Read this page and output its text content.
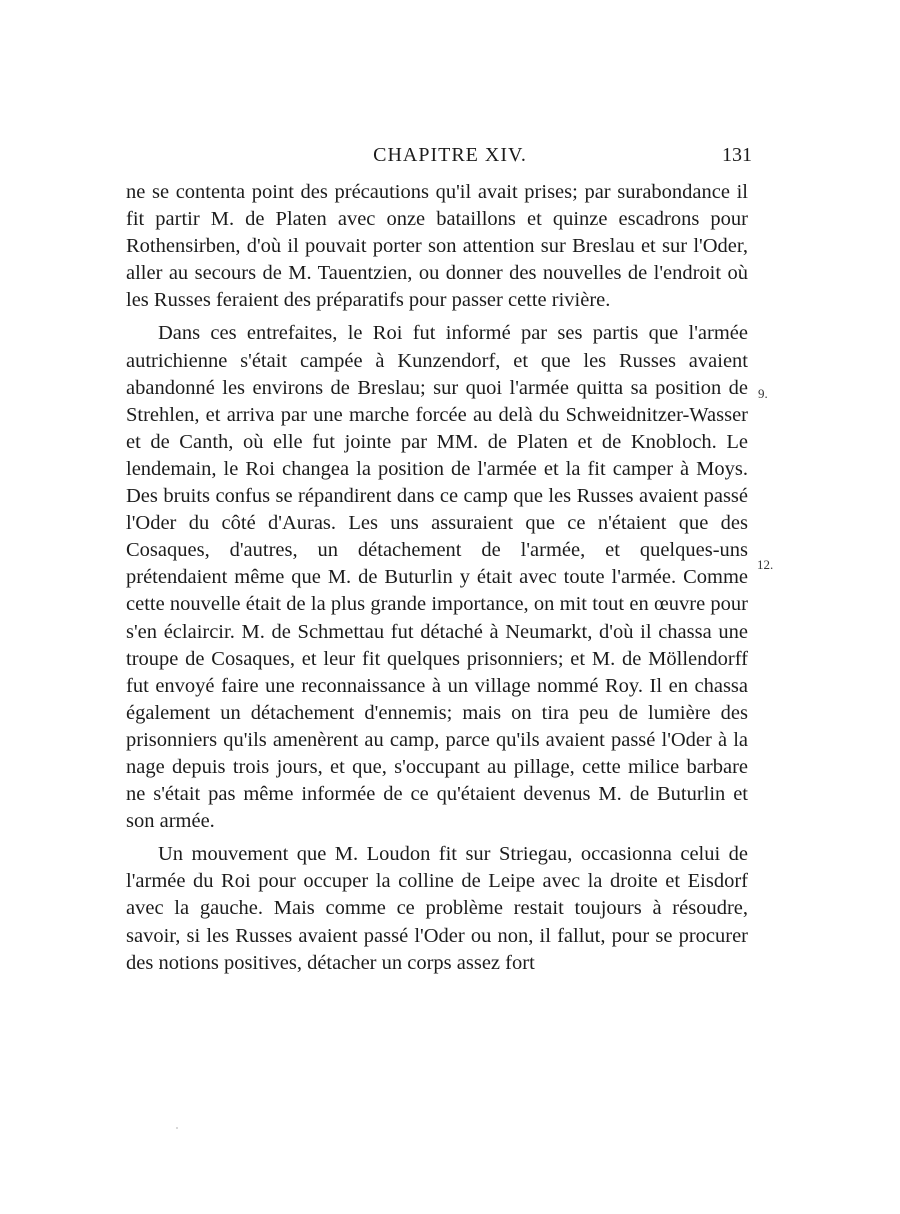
CHAPITRE XIV.	131

ne se contenta point des précautions qu'il avait prises; par surabondance il fit partir M. de Platen avec onze bataillons et quinze escadrons pour Rothensirben, d'où il pouvait porter son attention sur Breslau et sur l'Oder, aller au secours de M. Tauentzien, ou donner des nouvelles de l'endroit où les Russes feraient des préparatifs pour passer cette rivière.

Dans ces entrefaites, le Roi fut informé par ses partis que l'armée autrichienne s'était campée à Kunzendorf, et que les Russes avaient abandonné les environs de Breslau; sur quoi l'armée quitta sa position de Strehlen, et arriva par une marche forcée au delà du Schweidnitzer-Wasser et de Canth, où elle fut jointe par MM. de Platen et de Knobloch. Le lendemain, le Roi changea la position de l'armée et la fit camper à Moys. Des bruits confus se répandirent dans ce camp que les Russes avaient passé l'Oder du côté d'Auras. Les uns assuraient que ce n'étaient que des Cosaques, d'autres, un détachement de l'armée, et quelques-uns prétendaient même que M. de Buturlin y était avec toute l'armée. Comme cette nouvelle était de la plus grande importance, on mit tout en œuvre pour s'en éclaircir. M. de Schmettau fut détaché à Neumarkt, d'où il chassa une troupe de Cosaques, et leur fit quelques prisonniers; et M. de Möllendorff fut envoyé faire une reconnaissance à un village nommé Roy. Il en chassa également un détachement d'ennemis; mais on tira peu de lumière des prisonniers qu'ils amenèrent au camp, parce qu'ils avaient passé l'Oder à la nage depuis trois jours, et que, s'occupant au pillage, cette milice barbare ne s'était pas même informée de ce qu'étaient devenus M. de Buturlin et son armée.

Un mouvement que M. Loudon fit sur Striegau, occasionna celui de l'armée du Roi pour occuper la colline de Leipe avec la droite et Eisdorf avec la gauche. Mais comme ce problème restait toujours à résoudre, savoir, si les Russes avaient passé l'Oder ou non, il fallut, pour se procurer des notions positives, détacher un corps assez fort

9.
12.
